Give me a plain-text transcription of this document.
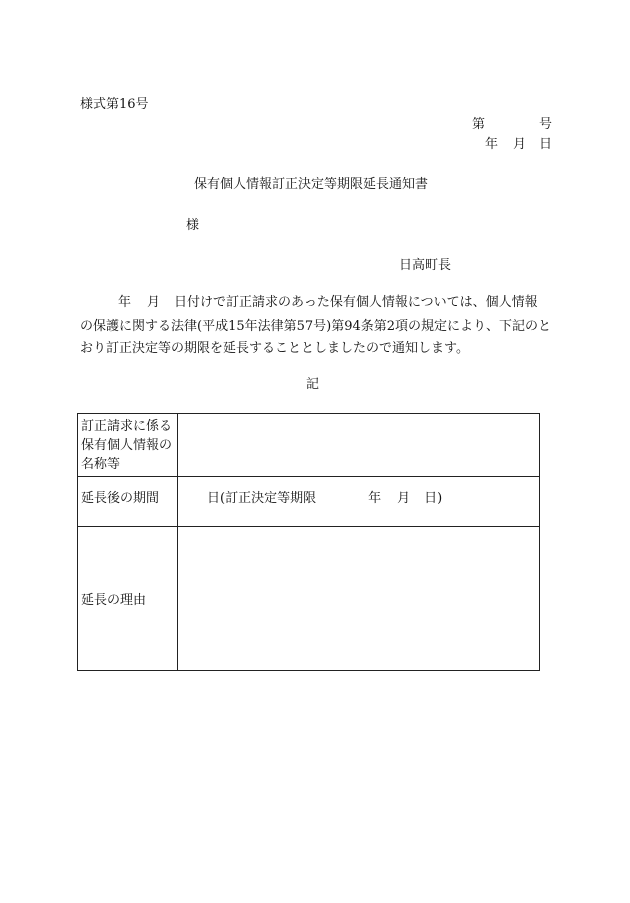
様式第16号
第	号
年 月 日
保有個人情報訂正決定等期限延長通知書
様
日高町長
年 月 日付けで訂正請求のあった保有個人情報については、個人情報
の保護に関する法律(平成15年法律第57号)第94条第2項の規定により、下記のと
おり訂正決定等の期限を延長することとしましたので通知します。
記
訂正請求に係る
保有個人情報の
名称等
延長後の期間	日(訂正決定等期限	年 月 日)
延長の理由
